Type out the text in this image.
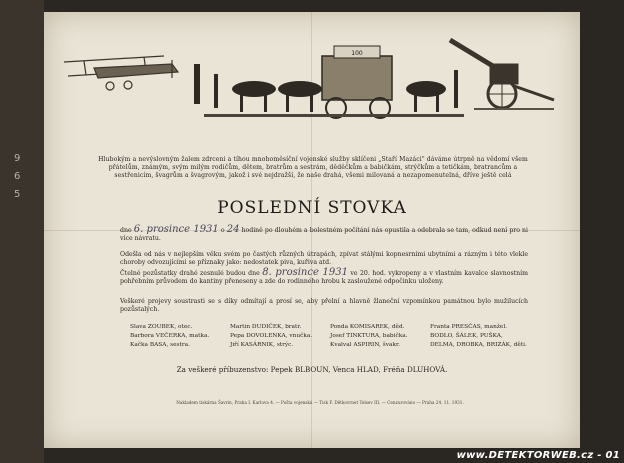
9 6 5
100
Hlubokým a nevýslovným žalem zdrceni a tíhou mnohoměsíční vojenské služby sklíčeni „Staří Mazáci" dáváme útrpně na vědomí všem přátelům, známým, svým milým rodičům, dětem, bratrům a sestrám, děděčkům a babičkám, strýčkům a tetičkám, bratrancům a sestřenicím, švagrům a švagrovým, jakož i své nejdražší, že naše drahá, všemi milovaná a nezapomenutelná, dříve ještě celá
POSLEDNÍ STOVKA
dne 6. prosince 1931 o 24 hodině po dlouhém a bolestném počítání nás opustila a odebrala se tam, odkud není pro ni více návratu.
Odešla od nás v nejlepším věku svém po častých různých útrapách, zpívat stálými kopnesrními ubytními a rázným i této vlekle choroby odvozujícími se příznaky jako: nedostatek piva, kuřiva atd.
Čtelné pozůstatky drahé zesnulé budou dne 8. prosince 1931 ve 20. hod. vykropeny a v vlastním kavalce slavnostním pohřebním průvodem do kantiny přeneseny a zde do rodinného hrobu k zasloužené odpočinku uloženy.
Veškeré projevy soustrasti se s díky odmítají a prosí se, aby přelní a hlavně žlaneční vzpomínkou památnou bylo mužilucích pozůstalých.
Slava ZOUBEK, otec.
Barbora VEČERKA, matka.
Kačka BASA, sestra.
Martin DUDIČEK, bratr.
Pepa DOVOLENKA, vnučka.
Jiří KASÁRNIK, strýc.
Ponda KOMISAREK, děd.
Josef TINKTURA, babička.
Kvalval ASPIRIN, švakr.
Franta PRESČAS, manžel.
BODLO, ŠÁLEK, PUŠKA,
DELMA, DROBKA, BRIZÁK, děti.
Za veškeré příbuzenstvo: Pepek BLBOUN, Venca HLAD, Fréňa DLUHOVÁ.
Nakladem tiskárna Šavrin, Praha I. Karlova 4. — Pošta vojenská — Tisk F. Dětkovrnet Telsev III. — Cenzurováno — Praha 24. 11. 1931.
www.DETEKTORWEB.cz - 01
